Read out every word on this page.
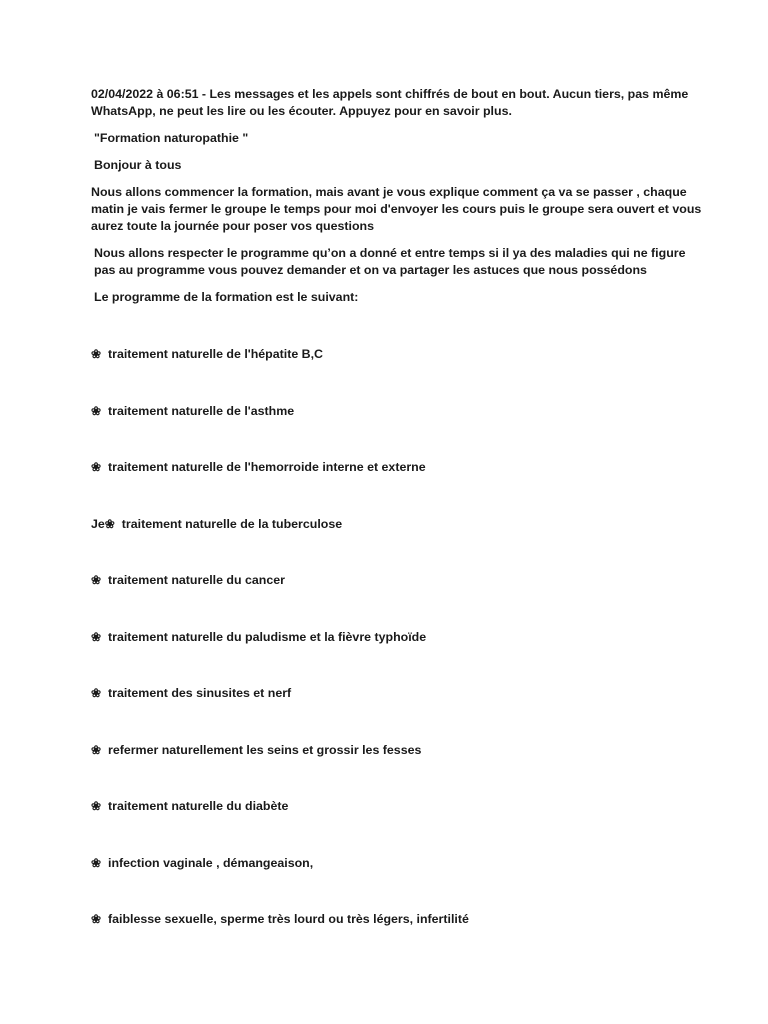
02/04/2022 à 06:51 - Les messages et les appels sont chiffrés de bout en bout. Aucun tiers, pas même WhatsApp, ne peut les lire ou les écouter. Appuyez pour en savoir plus.

"Formation naturopathie "

Bonjour à tous

Nous allons commencer la formation, mais avant je vous explique comment ça va se passer , chaque matin je vais fermer le groupe le temps pour moi d'envoyer les cours puis le groupe sera ouvert et vous aurez toute la journée pour poser vos questions

Nous allons respecter le programme qu’on a donné et entre temps si il ya des maladies qui ne figure pas au programme vous pouvez demander et on va partager les astuces que nous possédons

Le programme de la formation est le suivant:

❀ traitement naturelle de l'hépatite B,C
❀ traitement naturelle de l'asthme
❀ traitement naturelle de l'hemorroide interne et externe
Je❀ traitement naturelle de la tuberculose
❀ traitement naturelle du cancer
❀ traitement naturelle du paludisme et la fièvre typhoïde
❀ traitement des sinusites et nerf
❀ refermer naturellement les seins et grossir les fesses
❀ traitement naturelle du diabète
❀ infection vaginale , démangeaison,
❀ faiblesse sexuelle, sperme très lourd ou très légers, infertilité
